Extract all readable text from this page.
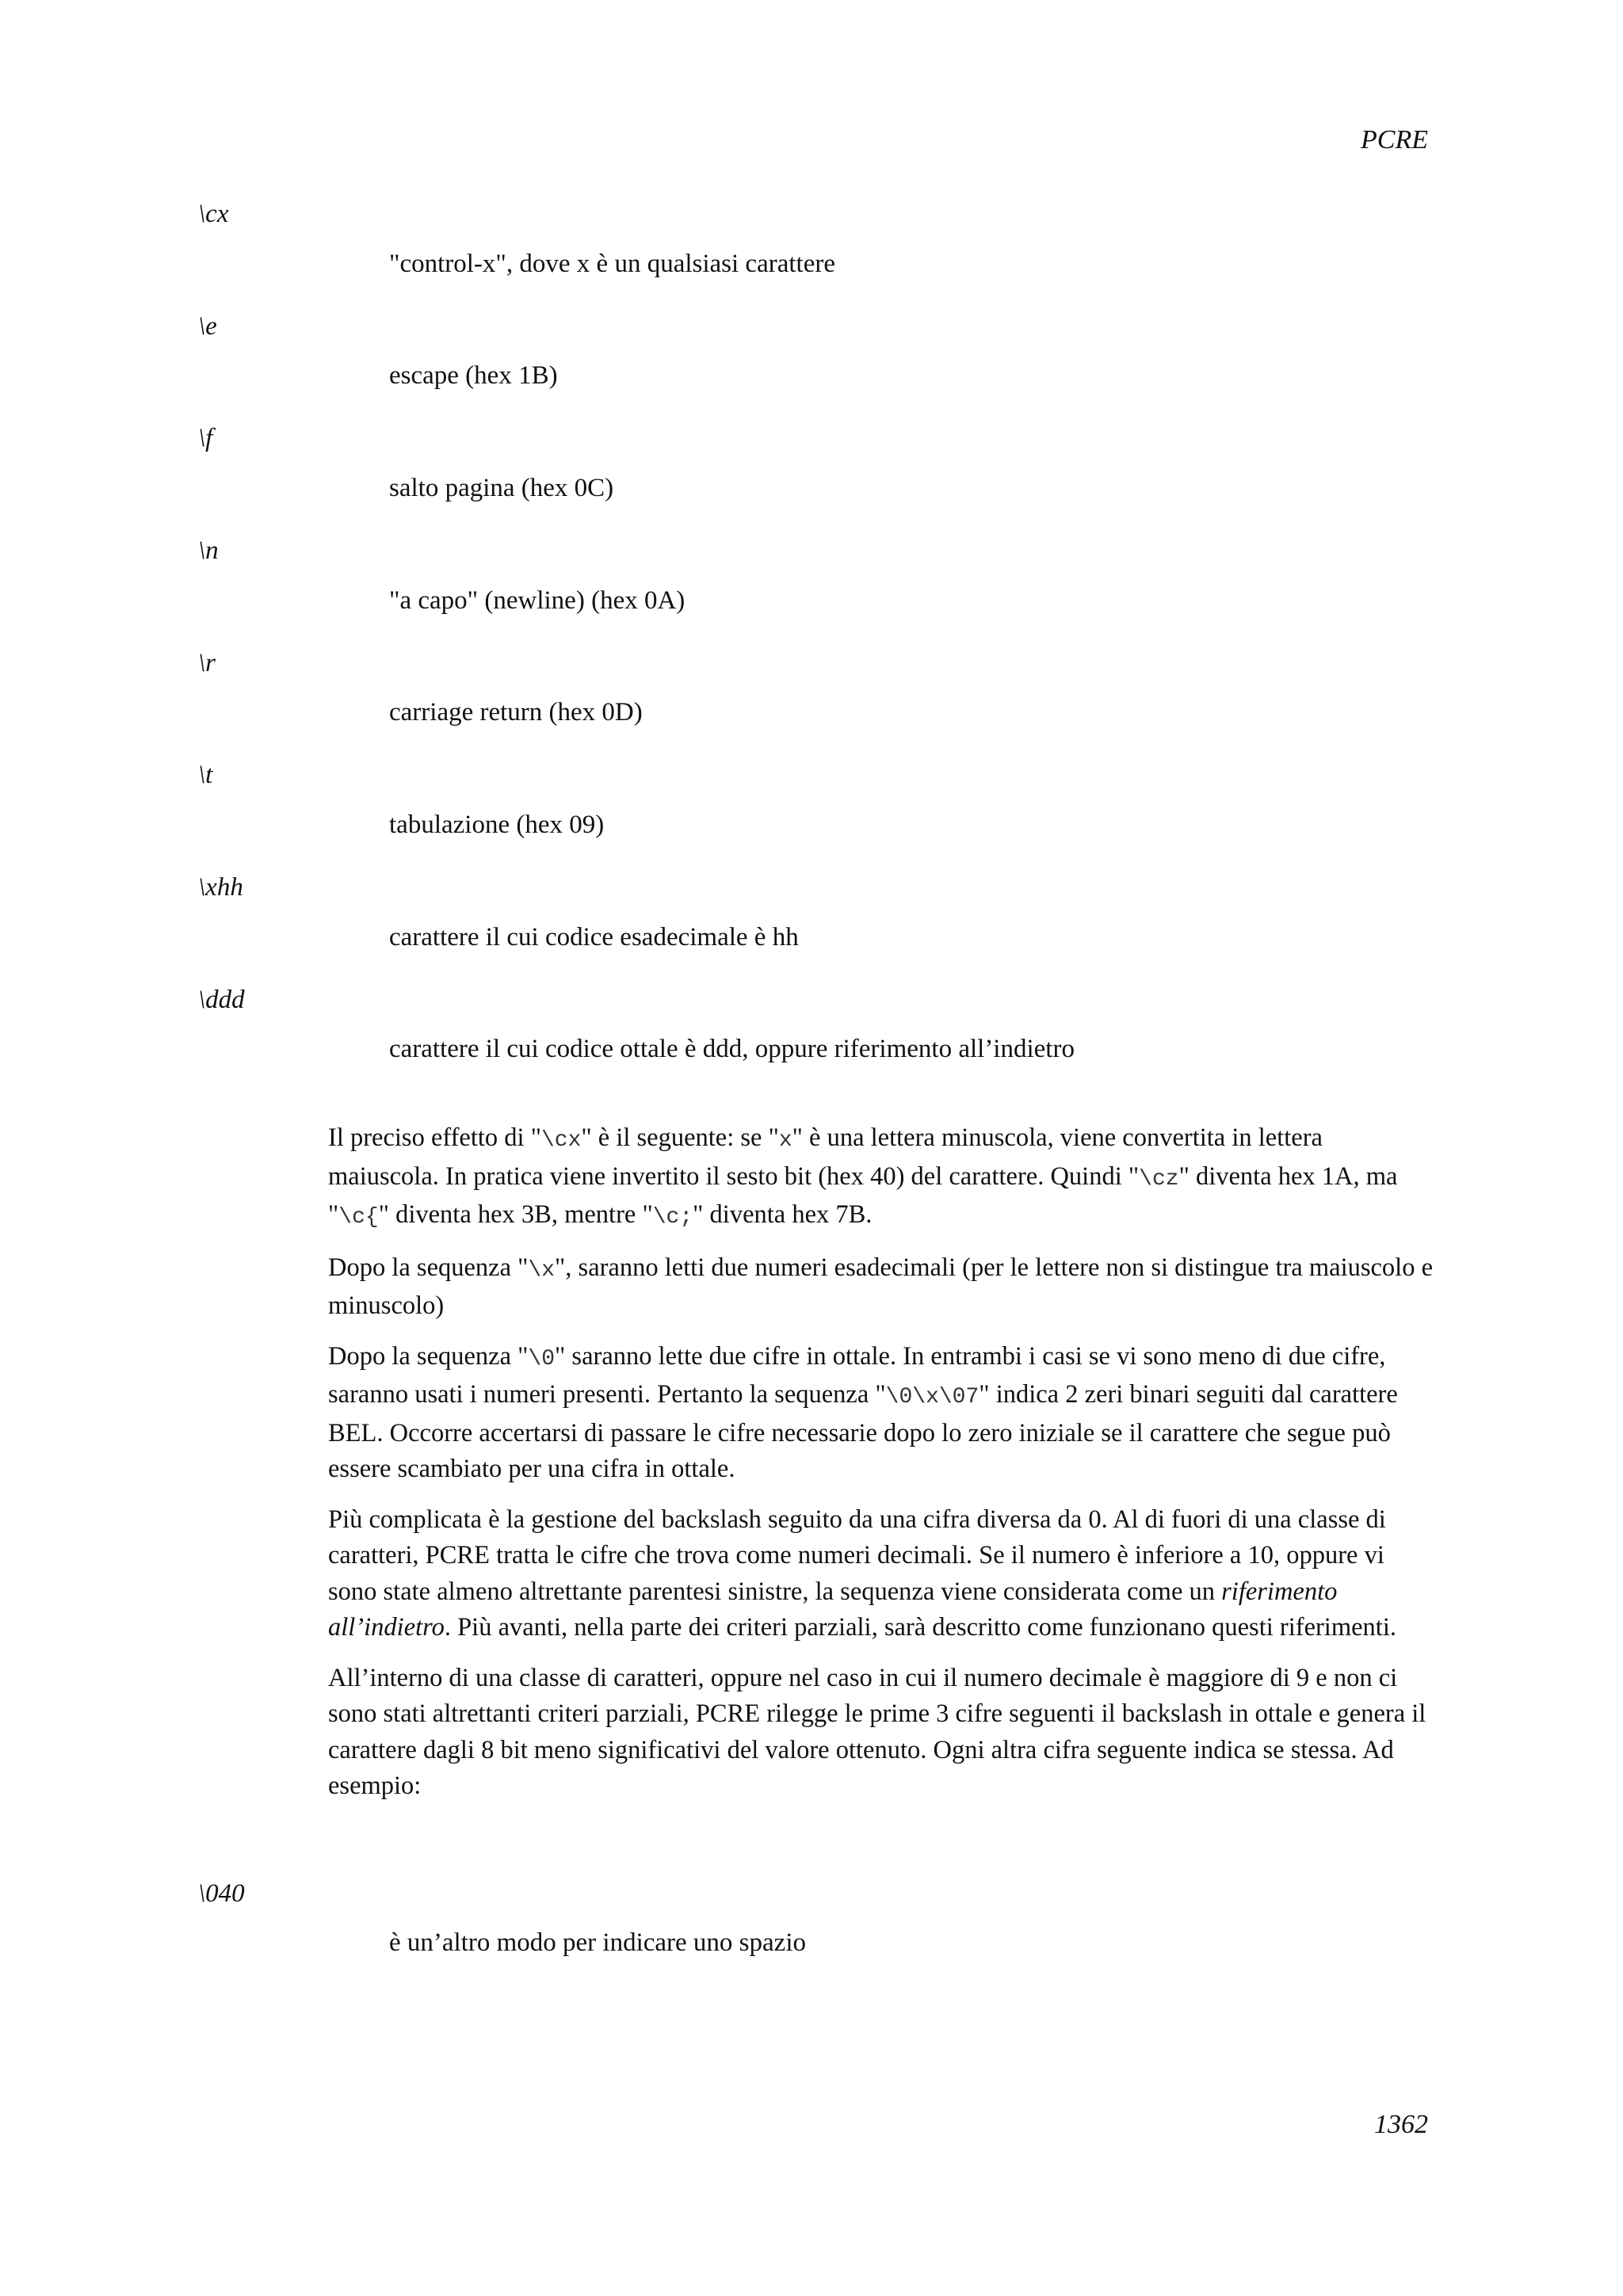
PCRE
\cx
"control-x", dove x è un qualsiasi carattere
\e
escape (hex 1B)
\f
salto pagina (hex 0C)
\n
"a capo" (newline) (hex 0A)
\r
carriage return (hex 0D)
\t
tabulazione (hex 09)
\xhh
carattere il cui codice esadecimale è hh
\ddd
carattere il cui codice ottale è ddd, oppure riferimento all’indietro

Il preciso effetto di "\cx" è il seguente: se "x" è una lettera minuscola, viene convertita in lettera maiuscola. In pratica viene invertito il sesto bit (hex 40) del carattere. Quindi "\cz" diventa hex 1A, ma "\c{" diventa hex 3B, mentre "\c;" diventa hex 7B.

Dopo la sequenza "\x", saranno letti due numeri esadecimali (per le lettere non si distingue tra maiuscolo e minuscolo)

Dopo la sequenza "\0" saranno lette due cifre in ottale. In entrambi i casi se vi sono meno di due cifre, saranno usati i numeri presenti. Pertanto la sequenza "\0\x\07" indica 2 zeri binari seguiti dal carattere BEL. Occorre accertarsi di passare le cifre necessarie dopo lo zero iniziale se il carattere che segue può essere scambiato per una cifra in ottale.

Più complicata è la gestione del backslash seguito da una cifra diversa da 0. Al di fuori di una classe di caratteri, PCRE tratta le cifre che trova come numeri decimali. Se il numero è inferiore a 10, oppure vi sono state almeno altrettante parentesi sinistre, la sequenza viene considerata come un riferimento all’indietro. Più avanti, nella parte dei criteri parziali, sarà descritto come funzionano questi riferimenti.

All’interno di una classe di caratteri, oppure nel caso in cui il numero decimale è maggiore di 9 e non ci sono stati altrettanti criteri parziali, PCRE rilegge le prime 3 cifre seguenti il backslash in ottale e genera il carattere dagli 8 bit meno significativi del valore ottenuto. Ogni altra cifra seguente indica se stessa. Ad esempio:

\040
è un’altro modo per indicare uno spazio
1362
